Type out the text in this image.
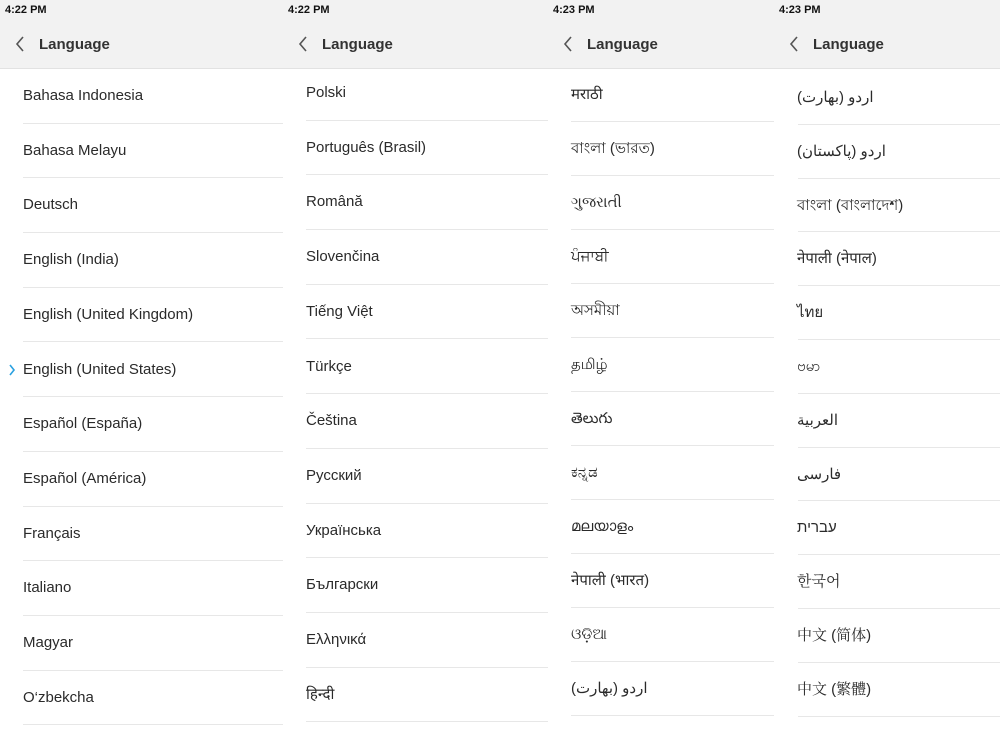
4:22 PM
Language
Bahasa Indonesia
Bahasa Melayu
Deutsch
English (India)
English (United Kingdom)
English (United States)
Español (España)
Español (América)
Français
Italiano
Magyar
O‘zbekcha
4:22 PM
Language
Polski
Português (Brasil)
Română
Slovenčina
Tiếng Việt
Türkçe
Čeština
Русский
Українська
Български
Ελληνικά
हिन्दी
4:23 PM
Language
मराठी
বাংলা (ভারত)
ગુજરાતી
ਪੰਜਾਬੀ
অসমীয়া
தமிழ்
తెలుగు
ಕನ್ನಡ
മലയാളം
नेपाली (भारत)
ଓଡ଼ିଆ
اردو (بھارت)
4:23 PM
Language
اردو (بھارت)
اردو (پاکستان)
বাংলা (বাংলাদেশ)
नेपाली (नेपाल)
ไทย
ဗမာ
العربية
فارسی
עברית
한국어
中文 (简体)
中文 (繁體)
